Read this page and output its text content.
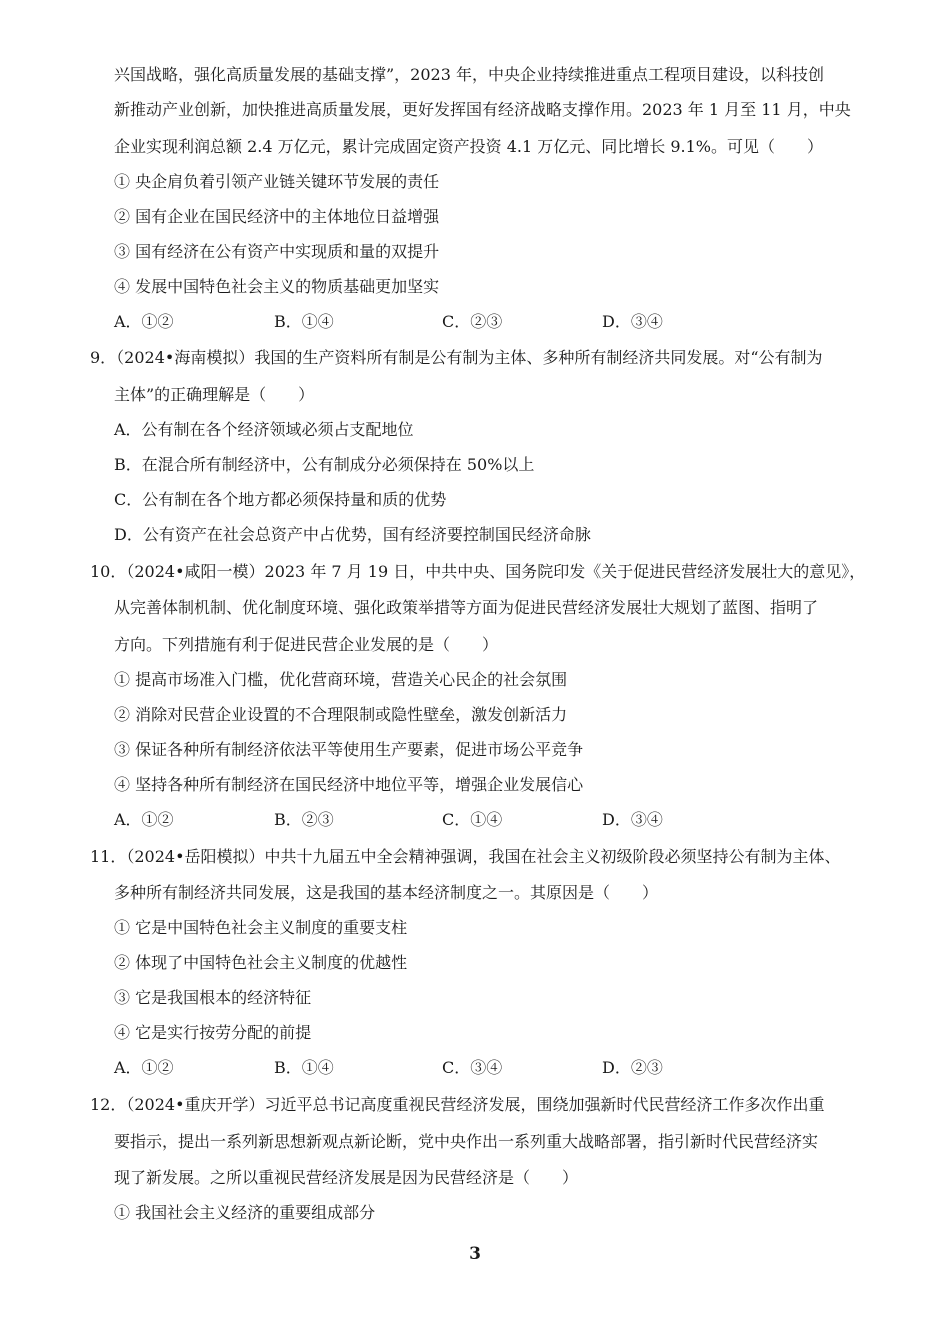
兴国战略，强化高质量发展的基础支撑”，2023 年，中央企业持续推进重点工程项目建设，以科技创
新推动产业创新，加快推进高质量发展，更好发挥国有经济战略支撑作用。2023 年 1 月至 11 月，中央
企业实现利润总额 2.4 万亿元，累计完成固定资产投资 4.1 万亿元、同比增长 9.1%。可见（　　）
① 央企肩负着引领产业链关键环节发展的责任
② 国有企业在国民经济中的主体地位日益增强
③ 国有经济在公有资产中实现质和量的双提升
④ 发展中国特色社会主义的物质基础更加坚实
A．①②	B．①④	C．②③	D．③④
9．（2024•海南模拟）我国的生产资料所有制是公有制为主体、多种所有制经济共同发展。对“公有制为
主体”的正确理解是（　　）
A．公有制在各个经济领域必须占支配地位
B．在混合所有制经济中，公有制成分必须保持在 50%以上
C．公有制在各个地方都必须保持量和质的优势
D．公有资产在社会总资产中占优势，国有经济要控制国民经济命脉
10．（2024•咸阳一模）2023 年 7 月 19 日，中共中央、国务院印发《关于促进民营经济发展壮大的意见》，
从完善体制机制、优化制度环境、强化政策举措等方面为促进民营经济发展壮大规划了蓝图、指明了
方向。下列措施有利于促进民营企业发展的是（　　）
① 提高市场准入门槛，优化营商环境，营造关心民企的社会氛围
② 消除对民营企业设置的不合理限制或隐性壁垒，激发创新活力
③ 保证各种所有制经济依法平等使用生产要素，促进市场公平竞争
④ 坚持各种所有制经济在国民经济中地位平等，增强企业发展信心
A．①②	B．②③	C．①④	D．③④
11．（2024•岳阳模拟）中共十九届五中全会精神强调，我国在社会主义初级阶段必须坚持公有制为主体、
多种所有制经济共同发展，这是我国的基本经济制度之一。其原因是（　　）
① 它是中国特色社会主义制度的重要支柱
② 体现了中国特色社会主义制度的优越性
③ 它是我国根本的经济特征
④ 它是实行按劳分配的前提
A．①②	B．①④	C．③④	D．②③
12．（2024•重庆开学）习近平总书记高度重视民营经济发展，围绕加强新时代民营经济工作多次作出重
要指示，提出一系列新思想新观点新论断，党中央作出一系列重大战略部署，指引新时代民营经济实
现了新发展。之所以重视民营经济发展是因为民营经济是（　　）
① 我国社会主义经济的重要组成部分
3
